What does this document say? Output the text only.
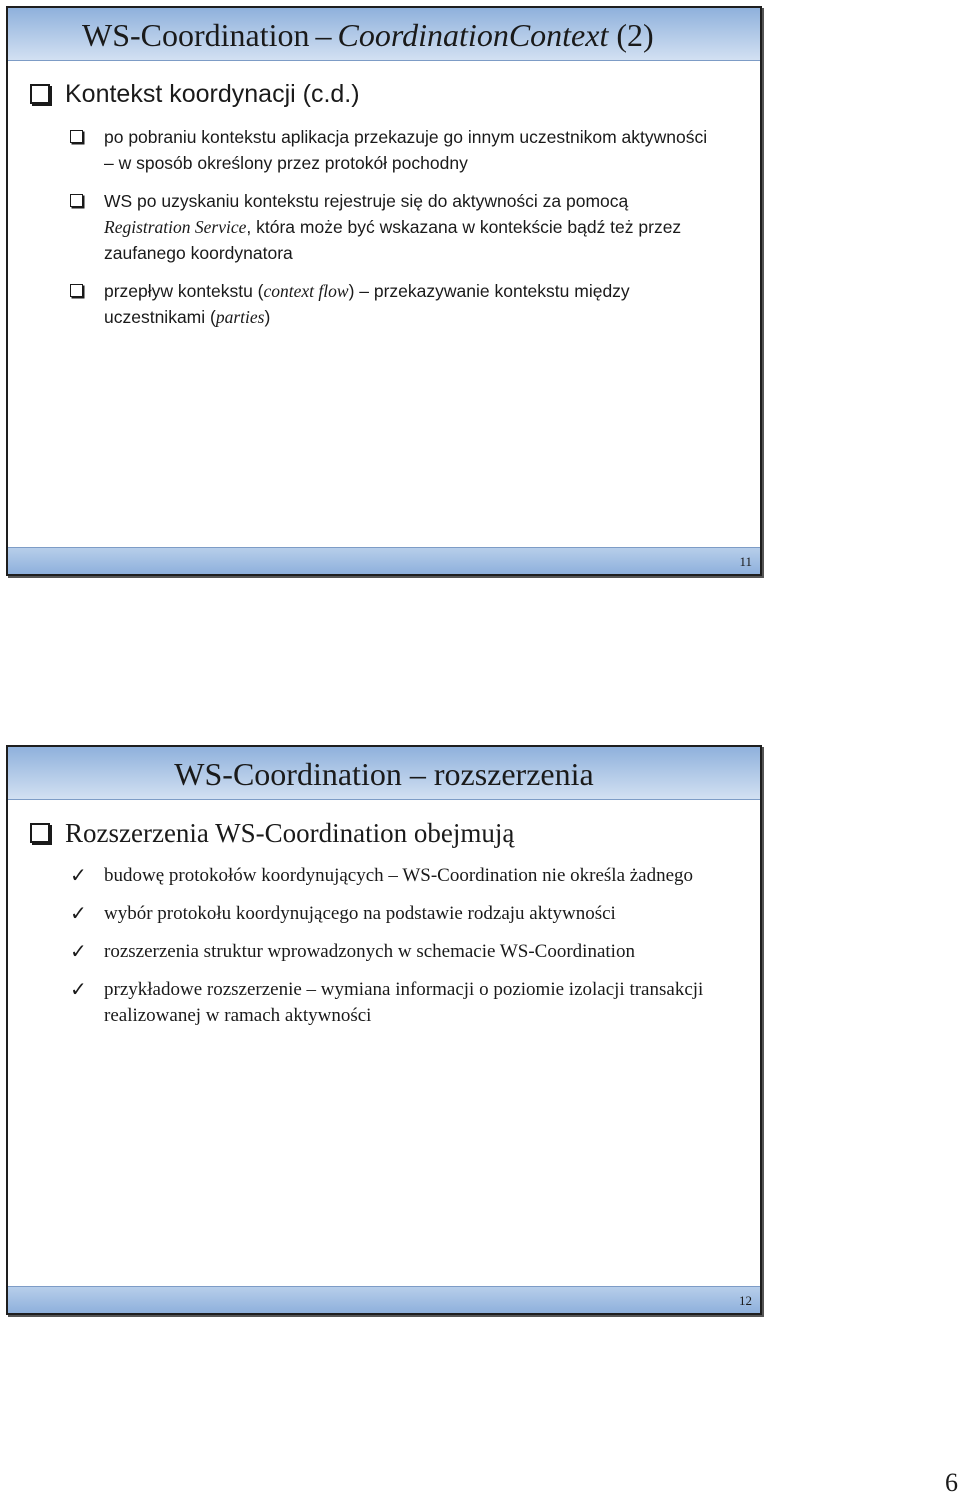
WS-Coordination – CoordinationContext (2)
Kontekst koordynacji (c.d.)
po pobraniu kontekstu aplikacja przekazuje go innym uczestnikom aktywności – w sposób określony przez protokół pochodny
WS po uzyskaniu kontekstu rejestruje się do aktywności za pomocą Registration Service, która może być wskazana w kontekście bądź też przez zaufanego koordynatora
przepływ kontekstu (context flow) – przekazywanie kontekstu między uczestnikami (parties)
11
WS-Coordination – rozszerzenia
Rozszerzenia WS-Coordination obejmują
✓ budowę protokołów koordynujących – WS-Coordination nie określa żadnego
✓ wybór protokołu koordynującego na podstawie rodzaju aktywności
✓ rozszerzenia struktur wprowadzonych w schemacie WS-Coordination
✓ przykładowe rozszerzenie – wymiana informacji o poziomie izolacji transakcji realizowanej w ramach aktywności
12
6
